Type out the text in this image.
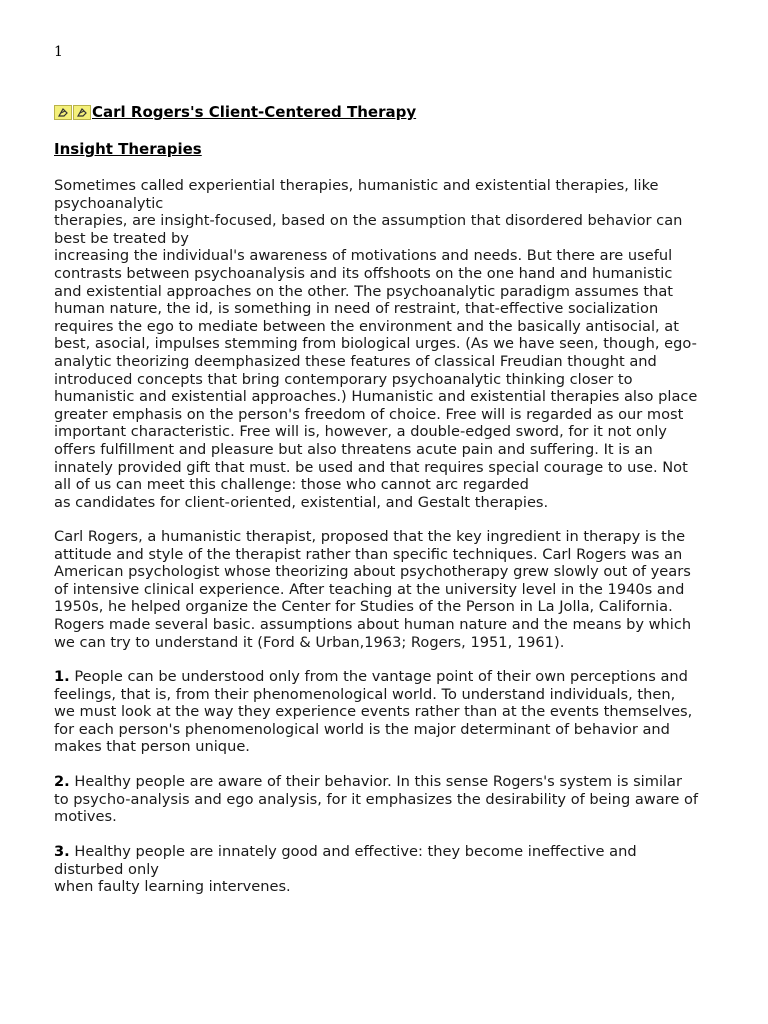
1
Carl Rogers's Client-Centered Therapy
Insight Therapies
Sometimes called experiential therapies, humanistic and existential therapies, like
psychoanalytic
therapies, are insight-focused, based on the assumption that disordered behavior can
best be treated by
increasing the individual's awareness of motivations and needs. But there are useful
contrasts between psychoanalysis and its offshoots on the one hand and humanistic
and existential approaches on the other. The psychoanalytic paradigm assumes that
human nature, the id, is something in need of restraint, that-effective socialization
requires the ego to mediate between the environment and the basically antisocial, at
best, asocial, impulses stemming from biological urges. (As we have seen, though, ego-
analytic theorizing deemphasized these features of classical Freudian thought and
introduced concepts that bring contemporary psychoanalytic thinking closer to
humanistic and existential approaches.) Humanistic and existential therapies also place
greater emphasis on the person's freedom of choice. Free will is regarded as our most
important characteristic. Free will is, however, a double-edged sword, for it not only
offers fulfillment and pleasure but also threatens acute pain and suffering. It is an
innately provided gift that must. be used and that requires special courage to use. Not
all of us can meet this challenge: those who cannot arc regarded
as candidates for client-oriented, existential, and Gestalt therapies.
Carl Rogers, a humanistic therapist, proposed that the key ingredient in therapy is the
attitude and style of the therapist rather than specific techniques. Carl Rogers was an
American psychologist whose theorizing about psychotherapy grew slowly out of years
of intensive clinical experience. After teaching at the university level in the 1940s and
1950s, he helped organize the Center for Studies of the Person in La Jolla, California.
Rogers made several basic. assumptions about human nature and the means by which
we can try to understand it (Ford & Urban,1963; Rogers, 1951, 1961).
1. People can be understood only from the vantage point of their own perceptions and
feelings, that is, from their phenomenological world. To understand individuals, then,
we must look at the way they experience events rather than at the events themselves,
for each person's phenomenological world is the major determinant of behavior and
makes that person unique.
2. Healthy people are aware of their behavior. In this sense Rogers's system is similar
to psycho-analysis and ego analysis, for it emphasizes the desirability of being aware of
motives.
3. Healthy people are innately good and effective: they become ineffective and
disturbed only
when faulty learning intervenes.
